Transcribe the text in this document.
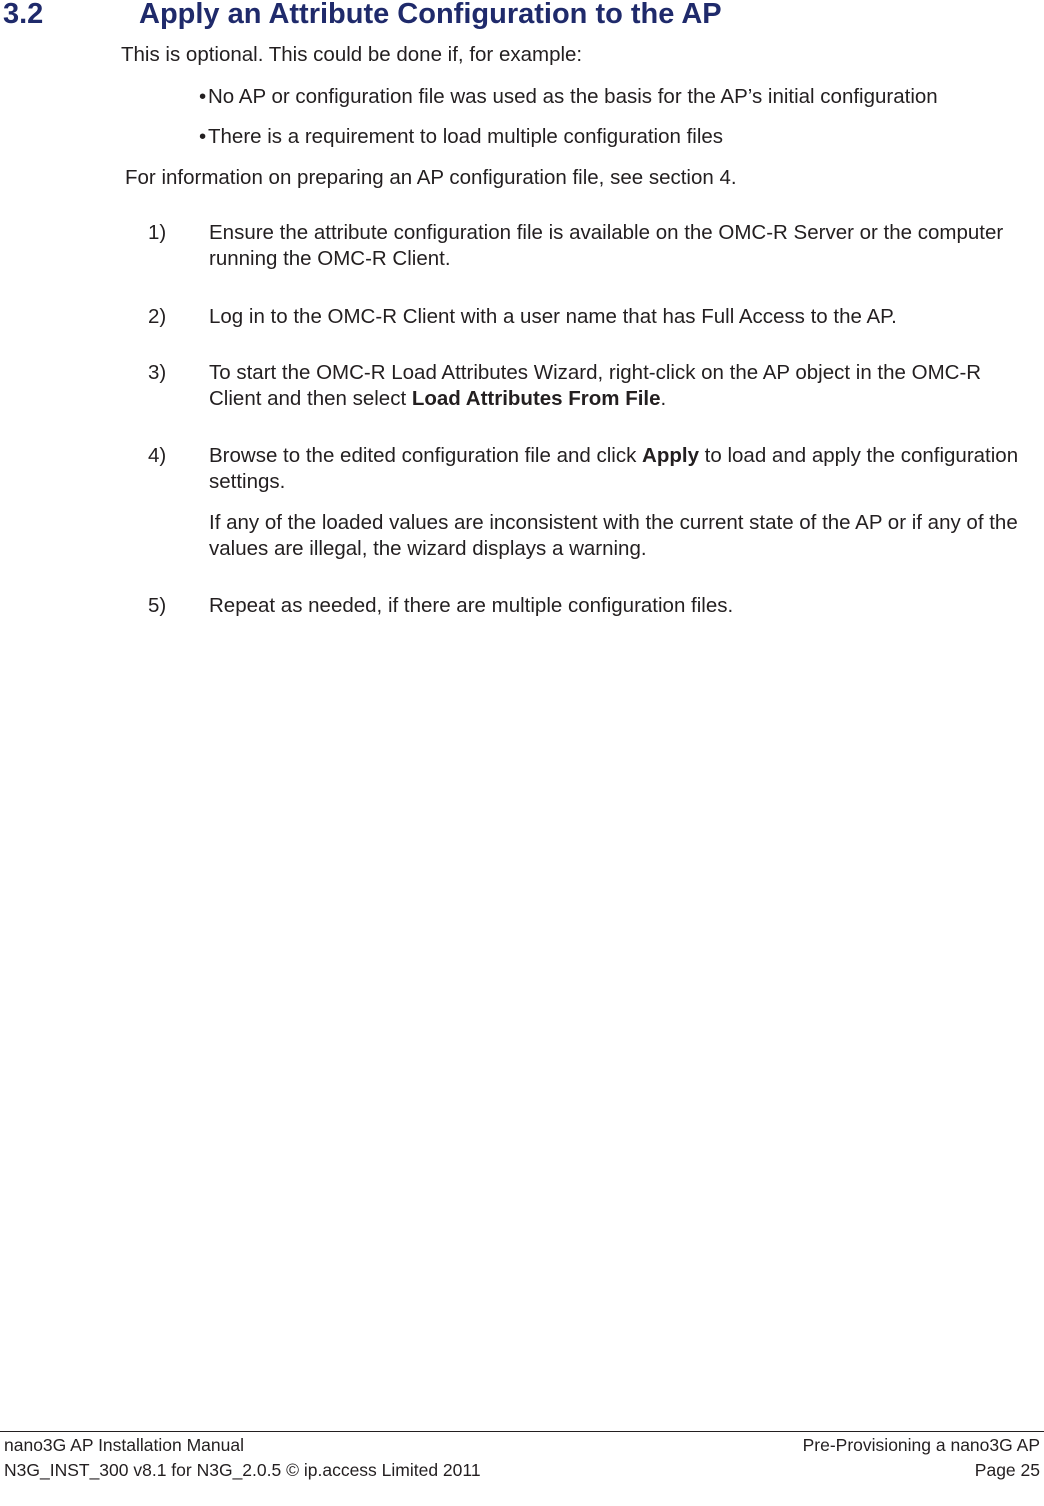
3.2	Apply an Attribute Configuration to the AP

This is optional. This could be done if, for example:

• No AP or configuration file was used as the basis for the AP’s initial configuration
• There is a requirement to load multiple configuration files

For information on preparing an AP configuration file, see section 4.

1) Ensure the attribute configuration file is available on the OMC-R Server or the computer running the OMC-R Client.

2) Log in to the OMC-R Client with a user name that has Full Access to the AP.

3) To start the OMC-R Load Attributes Wizard, right-click on the AP object in the OMC-R Client and then select Load Attributes From File.

4) Browse to the edited configuration file and click Apply to load and apply the configuration settings.

If any of the loaded values are inconsistent with the current state of the AP or if any of the values are illegal, the wizard displays a warning.

5) Repeat as needed, if there are multiple configuration files.

nano3G AP Installation Manual	Pre-Provisioning a nano3G AP
N3G_INST_300 v8.1 for N3G_2.0.5 © ip.access Limited 2011	Page 25
